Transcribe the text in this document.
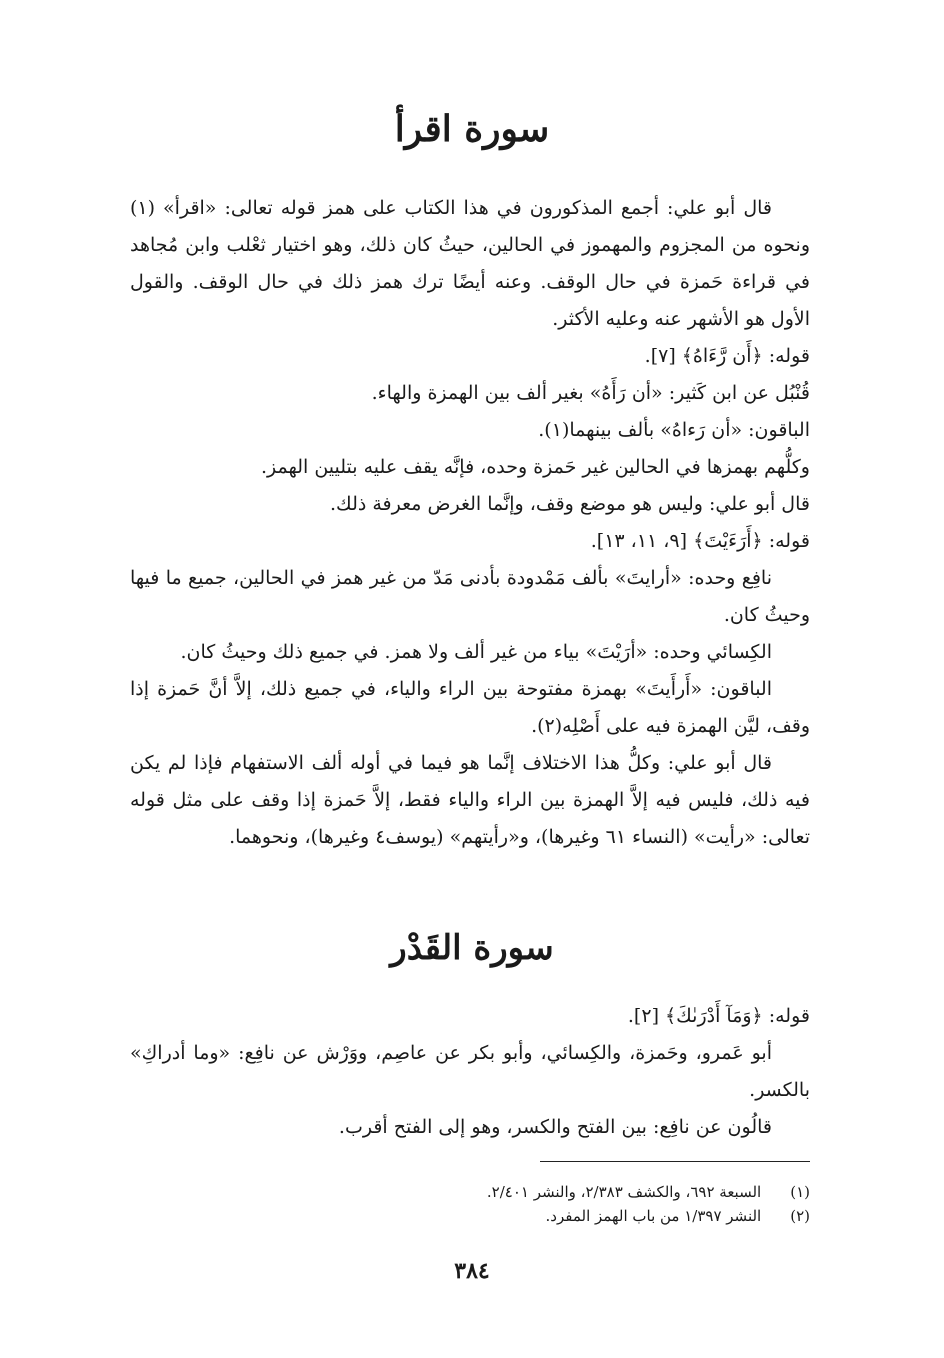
سورة اقرأ

قال أبو علي: أجمع المذكورون في هذا الكتاب على همز قوله تعالى: «اقرأ» (١) ونحوه من المجزوم والمهموز في الحالين، حيثُ كان ذلك، وهو اختيار ثعْلب وابن مُجاهد في قراءة حَمزة في حال الوقف. وعنه أيضًا ترك همز ذلك في حال الوقف. والقول الأول هو الأشهر عنه وعليه الأكثر.

قوله: ﴿أَن رَّءَاهُ﴾ [٧].

قُنْبُل عن ابن كَثير: «أن رَأَهُ» بغير ألف بين الهمزة والهاء.

الباقون: «أن رَءاهُ» بألف بينهما(١).

وكلُّهم بهمزها في الحالين غير حَمزة وحده، فإنَّه يقف عليه بتليين الهمز.

قال أبو علي: وليس هو موضع وقف، وإنَّما الغرض معرفة ذلك.

قوله: ﴿أَرَءَيْتَ﴾ [٩، ١١، ١٣].

نافِع وحده: «أرايتَ» بألف مَمْدودة بأدنى مَدّ من غير همز في الحالين، جميع ما فيها وحيثُ كان.

الكِسائي وحده: «أرَيْتَ» بياء من غير ألف ولا همز. في جميع ذلك وحيثُ كان.

الباقون: «أَرأَيتَ» بهمزة مفتوحة بين الراء والياء، في جميع ذلك، إلاَّ أنَّ حَمزة إذا وقف، ليَّن الهمزة فيه على أَصْلِه(٢).

قال أبو علي: وكلُّ هذا الاختلاف إنَّما هو فيما في أوله ألف الاستفهام فإذا لم يكن فيه ذلك، فليس فيه إلاَّ الهمزة بين الراء والياء فقط، إلاَّ حَمزة إذا وقف على مثل قوله تعالى: «رأيت» (النساء ٦١ وغيرها)، و«رأيتهم» (يوسف٤ وغيرها)، ونحوهما.

سورة القَدْر

قوله: ﴿وَمَآ أَدْرَىٰكَ﴾ [٢].

أبو عَمرو، وحَمزة، والكِسائي، وأبو بكر عن عاصِم، ووَرْش عن نافِع: «وما أدراكِ» بالكسر.

قالُون عن نافِع: بين الفتح والكسر، وهو إلى الفتح أقرب.

(١) السبعة ٦٩٢، والكشف ٢/٣٨٣، والنشر ٢/٤٠١.

(٢) النشر ١/٣٩٧ من باب الهمز المفرد.

٣٨٤
